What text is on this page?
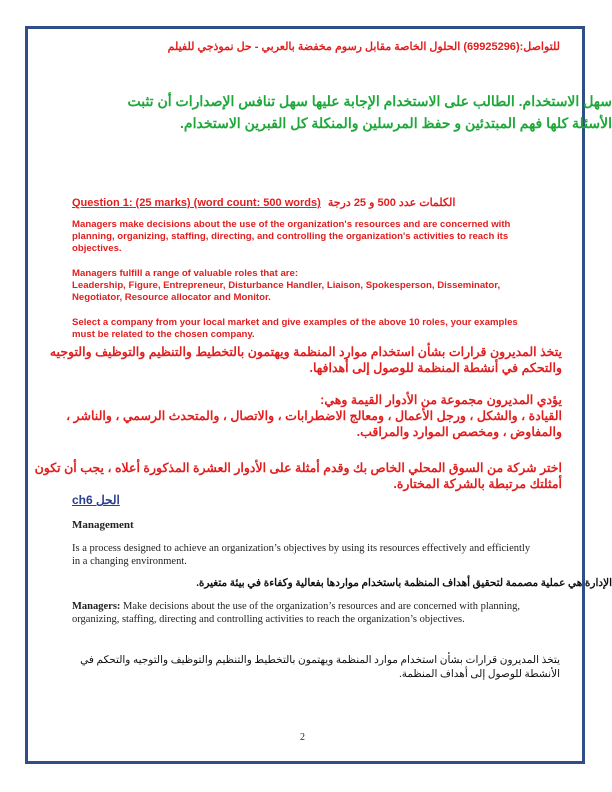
للتواصل:(69925296) الحلول الخاصة مقابل رسوم مخفضة بالعربي - حل نموذجي للفيلم

سهل الاستخدام. الطالب على الاستخدام الإجابة عليها سهل تنافس الإصدارات أن تثبت
الأسئلة كلها فهم المبتدئين و حفظ المرسلين والمنكلة كل القبرين الاستخدام.

Question 1: (25 marks) (word count: 500 words) الكلمات عدد 500 و 25 درجة

Managers make decisions about the use of the organization's resources and are concerned with planning, organizing, staffing, directing, and controlling the organization's activities to reach its objectives.

Managers fulfill a range of valuable roles that are:
Leadership, Figure, Entrepreneur, Disturbance Handler, Liaison, Spokesperson, Disseminator, Negotiator, Resource allocator and Monitor.

Select a company from your local market and give examples of the above 10 roles, your examples must be related to the chosen company.

يتخذ المديرون قرارات بشأن استخدام موارد المنظمة ويهتمون بالتخطيط والتنظيم والتوظيف والتوجيه
والتحكم في أنشطة المنظمة للوصول إلى أهدافها.
يؤدي المديرون مجموعة من الأدوار القيمة وهي:
القيادة ، والشكل ، ورجل الأعمال ، ومعالج الاضطرابات ، والاتصال ، والمتحدث الرسمي ، والناشر ،
والمفاوض ، ومخصص الموارد والمراقب.
اختر شركة من السوق المحلي الخاص بك وقدم أمثلة على الأدوار العشرة المذكورة أعلاه ، يجب أن تكون
أمثلتك مرتبطة بالشركة المختارة.

الحل ch6

Management

Is a process designed to achieve an organization’s objectives by using its resources effectively and efficiently in a changing environment.

الإدارة هي عملية مصممة لتحقيق أهداف المنظمة باستخدام مواردها بفعالية وكفاءة في بيئة متغيرة.

Managers: Make decisions about the use of the organization’s resources and are concerned with planning, organizing, staffing, directing and controlling activities to reach the organization’s objectives.

يتخذ المديرون قرارات بشأن استخدام موارد المنظمة ويهتمون بالتخطيط والتنظيم والتوظيف والتوجيه والتحكم في
الأنشطة للوصول إلى أهداف المنظمة.

2
